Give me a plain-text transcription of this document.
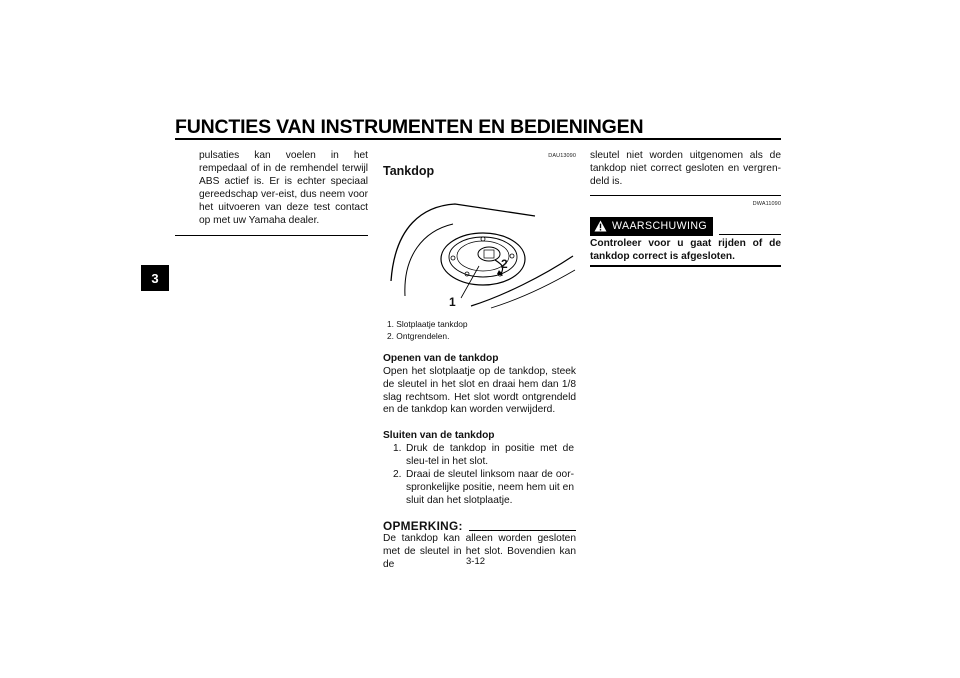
FUNCTIES VAN INSTRUMENTEN EN BEDIENINGEN
3
pulsaties kan voelen in het rempedaal of in de remhendel terwijl ABS actief is. Er is echter speciaal gereedschap ver-eist, dus neem voor het uitvoeren van deze test contact op met uw Yamaha dealer.
DAU13090
Tankdop
1
2
1. Slotplaatje tankdop
2. Ontgrendelen.
Openen van de tankdop
Open het slotplaatje op de tankdop, steek de sleutel in het slot en draai hem dan 1/8 slag rechtsom. Het slot wordt ontgrendeld en de tankdop kan worden verwijderd.
Sluiten van de tankdop
1. Druk de tankdop in positie met de sleu-tel in het slot.
2. Draai de sleutel linksom naar de oor-spronkelijke positie, neem hem uit en sluit dan het slotplaatje.
OPMERKING:
De tankdop kan alleen worden gesloten met de sleutel in het slot. Bovendien kan de
sleutel niet worden uitgenomen als de tankdop niet correct gesloten en vergren-deld is.
DWA11090
WAARSCHUWING
Controleer voor u gaat rijden of de tankdop correct is afgesloten.
3-12
